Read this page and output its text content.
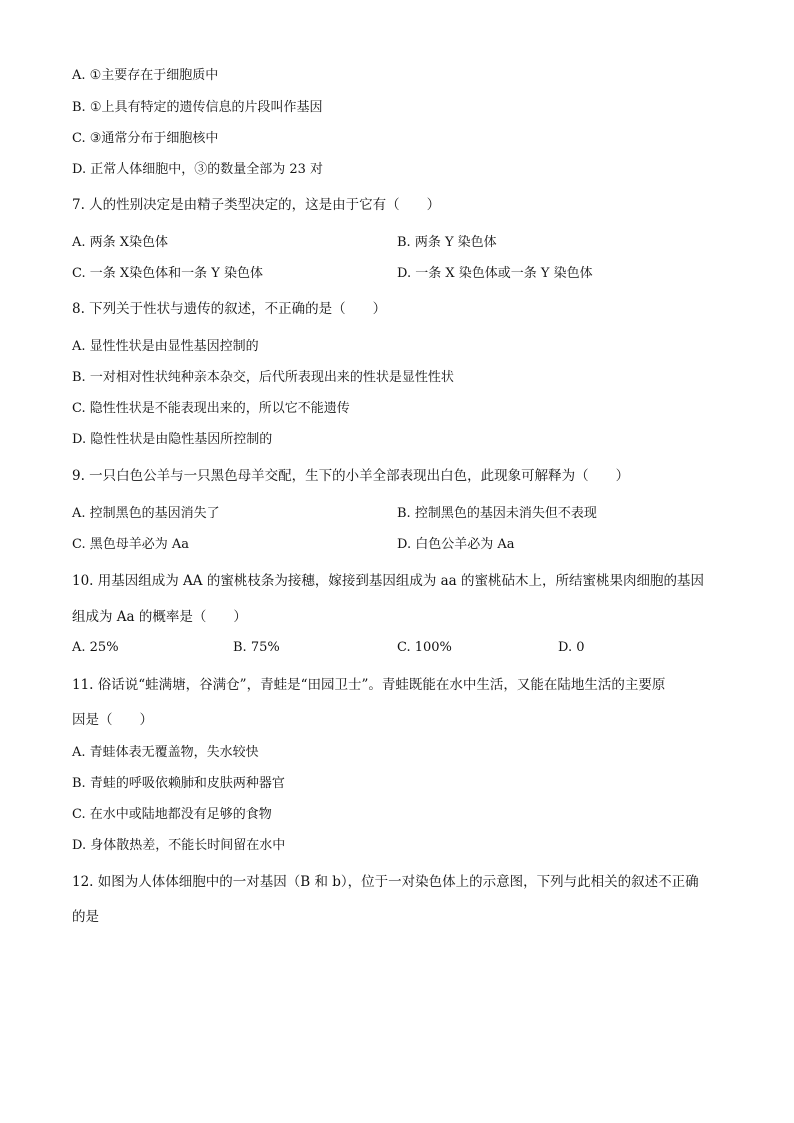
A. ①主要存在于细胞质中
B. ①上具有特定的遗传信息的片段叫作基因
C. ③通常分布于细胞核中
D. 正常人体细胞中，③的数量全部为 23 对
7. 人的性别决定是由精子类型决定的，这是由于它有（　　）
A. 两条 X染色体	B. 两条 Y 染色体
C. 一条 X染色体和一条 Y 染色体	D. 一条 X 染色体或一条 Y 染色体
8. 下列关于性状与遗传的叙述，不正确的是（　　）
A. 显性性状是由显性基因控制的
B. 一对相对性状纯种亲本杂交，后代所表现出来的性状是显性性状
C. 隐性性状是不能表现出来的，所以它不能遗传
D. 隐性性状是由隐性基因所控制的
9. 一只白色公羊与一只黑色母羊交配，生下的小羊全部表现出白色，此现象可解释为（　　）
A. 控制黑色的基因消失了	B. 控制黑色的基因未消失但不表现
C. 黑色母羊必为 Aa	D. 白色公羊必为 Aa
10. 用基因组成为 AA 的蜜桃枝条为接穗，嫁接到基因组成为 aa 的蜜桃砧木上，所结蜜桃果肉细胞的基因
组成为 Aa 的概率是（　　）
A. 25%	B. 75%	C. 100%	D. 0
11. 俗话说“蛙满塘，谷满仓”，青蛙是“田园卫士”。青蛙既能在水中生活，又能在陆地生活的主要原
因是（　　）
A. 青蛙体表无覆盖物，失水较快
B. 青蛙的呼吸依赖肺和皮肤两种器官
C. 在水中或陆地都没有足够的食物
D. 身体散热差，不能长时间留在水中
12. 如图为人体体细胞中的一对基因（B 和 b），位于一对染色体上的示意图，下列与此相关的叙述不正确
的是
